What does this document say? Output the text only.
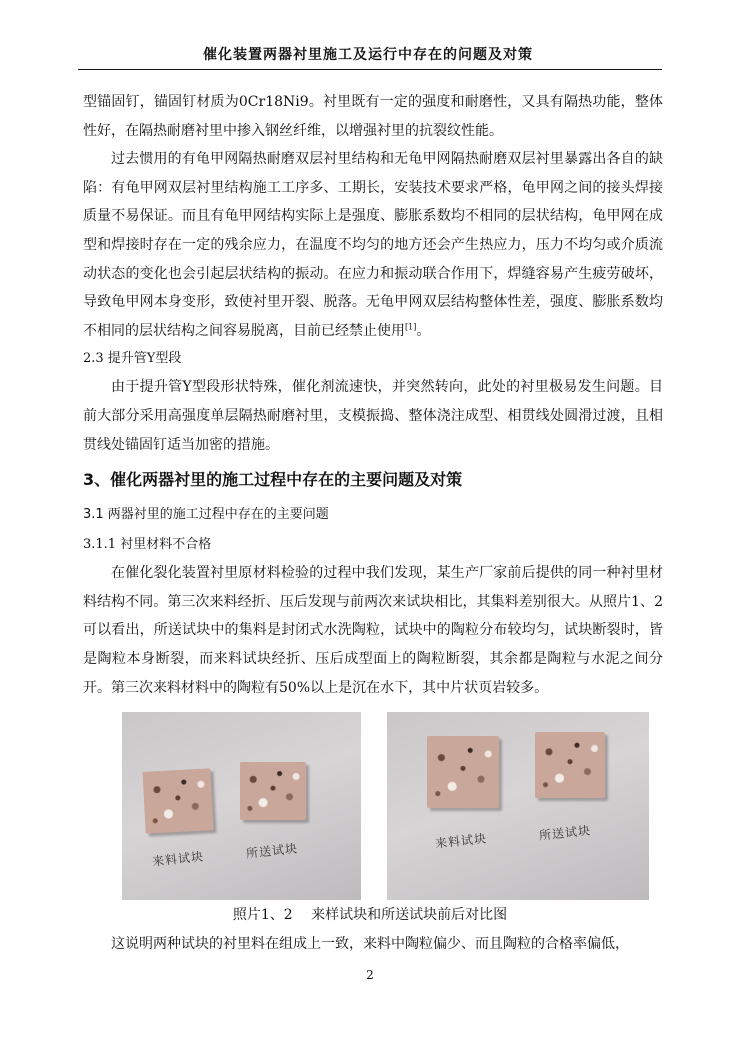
催化装置两器衬里施工及运行中存在的问题及对策

型锚固钉，锚固钉材质为0Cr18Ni9。衬里既有一定的强度和耐磨性，又具有隔热功能，整体性好，在隔热耐磨衬里中掺入钢丝纤维，以增强衬里的抗裂纹性能。

过去惯用的有龟甲网隔热耐磨双层衬里结构和无龟甲网隔热耐磨双层衬里暴露出各自的缺陷：有龟甲网双层衬里结构施工工序多、工期长，安装技术要求严格，龟甲网之间的接头焊接质量不易保证。而且有龟甲网结构实际上是强度、膨胀系数均不相同的层状结构，龟甲网在成型和焊接时存在一定的残余应力，在温度不均匀的地方还会产生热应力，压力不均匀或介质流动状态的变化也会引起层状结构的振动。在应力和振动联合作用下，焊缝容易产生疲劳破坏，导致龟甲网本身变形，致使衬里开裂、脱落。无龟甲网双层结构整体性差，强度、膨胀系数均不相同的层状结构之间容易脱离，目前已经禁止使用[1]。

2.3 提升管Y型段

由于提升管Y型段形状特殊，催化剂流速快，并突然转向，此处的衬里极易发生问题。目前大部分采用高强度单层隔热耐磨衬里，支模振捣、整体浇注成型、相贯线处圆滑过渡，且相贯线处锚固钉适当加密的措施。

3、催化两器衬里的施工过程中存在的主要问题及对策

3.1 两器衬里的施工过程中存在的主要问题

3.1.1 衬里材料不合格

在催化裂化装置衬里原材料检验的过程中我们发现，某生产厂家前后提供的同一种衬里材料结构不同。第三次来料经折、压后发现与前两次来试块相比，其集料差别很大。从照片1、2可以看出，所送试块中的集料是封闭式水洗陶粒，试块中的陶粒分布较均匀，试块断裂时，皆是陶粒本身断裂，而来料试块经折、压后成型面上的陶粒断裂，其余都是陶粒与水泥之间分开。第三次来料材料中的陶粒有50%以上是沉在水下，其中片状页岩较多。

来料试块	所送试块
来料试块	所送试块
照片1、2　 来样试块和所送试块前后对比图
这说明两种试块的衬里料在组成上一致，来料中陶粒偏少、而且陶粒的合格率偏低，
2
